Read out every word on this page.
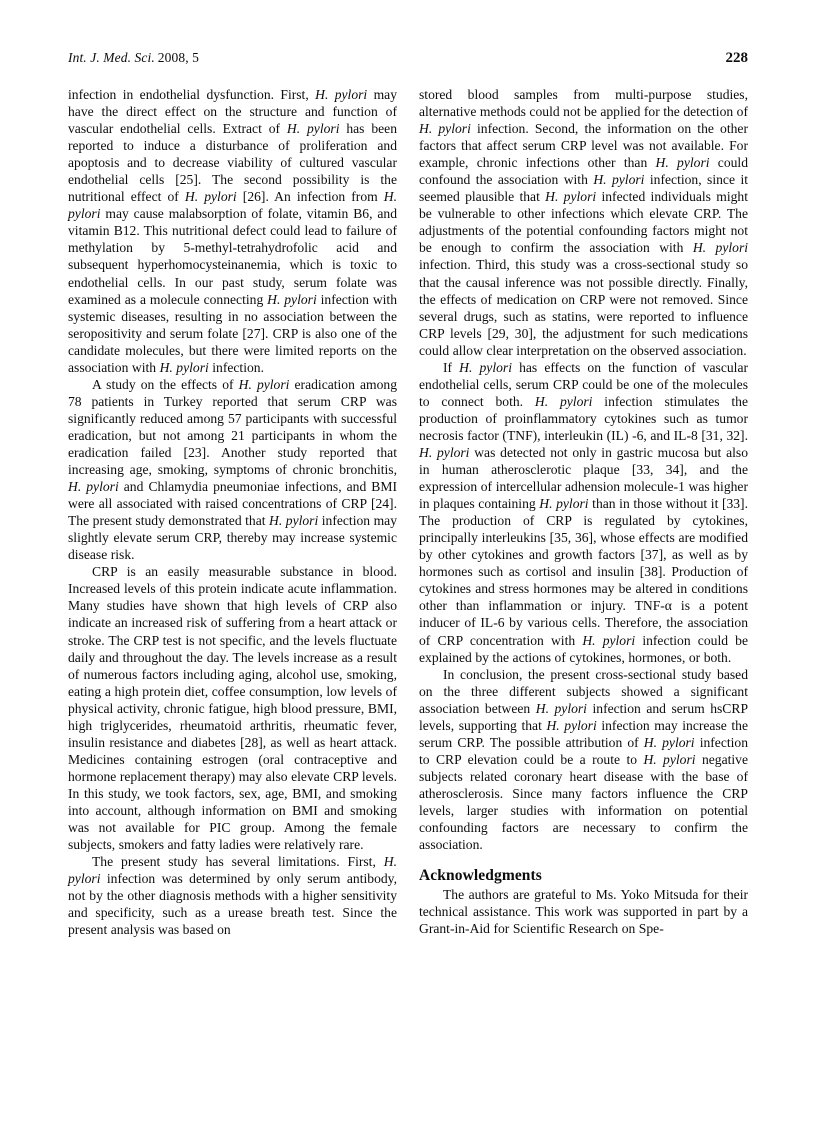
Int. J. Med. Sci. 2008, 5	228

infection in endothelial dysfunction. First, H. pylori may have the direct effect on the structure and function of vascular endothelial cells. Extract of H. pylori has been reported to induce a disturbance of proliferation and apoptosis and to decrease viability of cultured vascular endothelial cells [25]. The second possibility is the nutritional effect of H. pylori [26]. An infection from H. pylori may cause malabsorption of folate, vitamin B6, and vitamin B12. This nutritional defect could lead to failure of methylation by 5-methyl-tetrahydrofolic acid and subsequent hyperhomocysteinanemia, which is toxic to endothelial cells. In our past study, serum folate was examined as a molecule connecting H. pylori infection with systemic diseases, resulting in no association between the seropositivity and serum folate [27]. CRP is also one of the candidate molecules, but there were limited reports on the association with H. pylori infection.

A study on the effects of H. pylori eradication among 78 patients in Turkey reported that serum CRP was significantly reduced among 57 participants with successful eradication, but not among 21 participants in whom the eradication failed [23]. Another study reported that increasing age, smoking, symptoms of chronic bronchitis, H. pylori and Chlamydia pneumoniae infections, and BMI were all associated with raised concentrations of CRP [24]. The present study demonstrated that H. pylori infection may slightly elevate serum CRP, thereby may increase systemic disease risk.

CRP is an easily measurable substance in blood. Increased levels of this protein indicate acute inflammation. Many studies have shown that high levels of CRP also indicate an increased risk of suffering from a heart attack or stroke. The CRP test is not specific, and the levels fluctuate daily and throughout the day. The levels increase as a result of numerous factors including aging, alcohol use, smoking, eating a high protein diet, coffee consumption, low levels of physical activity, chronic fatigue, high blood pressure, BMI, high triglycerides, rheumatoid arthritis, rheumatic fever, insulin resistance and diabetes [28], as well as heart attack. Medicines containing estrogen (oral contraceptive and hormone replacement therapy) may also elevate CRP levels. In this study, we took factors, sex, age, BMI, and smoking into account, although information on BMI and smoking was not available for PIC group. Among the female subjects, smokers and fatty ladies were relatively rare.

The present study has several limitations. First, H. pylori infection was determined by only serum antibody, not by the other diagnosis methods with a higher sensitivity and specificity, such as a urease breath test. Since the present analysis was based on

stored blood samples from multi-purpose studies, alternative methods could not be applied for the detection of H. pylori infection. Second, the information on the other factors that affect serum CRP level was not available. For example, chronic infections other than H. pylori could confound the association with H. pylori infection, since it seemed plausible that H. pylori infected individuals might be vulnerable to other infections which elevate CRP. The adjustments of the potential confounding factors might not be enough to confirm the association with H. pylori infection. Third, this study was a cross-sectional study so that the causal inference was not possible directly. Finally, the effects of medication on CRP were not removed. Since several drugs, such as statins, were reported to influence CRP levels [29, 30], the adjustment for such medications could allow clear interpretation on the observed association.

If H. pylori has effects on the function of vascular endothelial cells, serum CRP could be one of the molecules to connect both. H. pylori infection stimulates the production of proinflammatory cytokines such as tumor necrosis factor (TNF), interleukin (IL) -6, and IL-8 [31, 32]. H. pylori was detected not only in gastric mucosa but also in human atherosclerotic plaque [33, 34], and the expression of intercellular adhension molecule-1 was higher in plaques containing H. pylori than in those without it [33]. The production of CRP is regulated by cytokines, principally interleukins [35, 36], whose effects are modified by other cytokines and growth factors [37], as well as by hormones such as cortisol and insulin [38]. Production of cytokines and stress hormones may be altered in conditions other than inflammation or injury. TNF-α is a potent inducer of IL-6 by various cells. Therefore, the association of CRP concentration with H. pylori infection could be explained by the actions of cytokines, hormones, or both.

In conclusion, the present cross-sectional study based on the three different subjects showed a significant association between H. pylori infection and serum hsCRP levels, supporting that H. pylori infection may increase the serum CRP. The possible attribution of H. pylori infection to CRP elevation could be a route to H. pylori negative subjects related coronary heart disease with the base of atherosclerosis. Since many factors influence the CRP levels, larger studies with information on potential confounding factors are necessary to confirm the association.

Acknowledgments

The authors are grateful to Ms. Yoko Mitsuda for their technical assistance. This work was supported in part by a Grant-in-Aid for Scientific Research on Spe-
